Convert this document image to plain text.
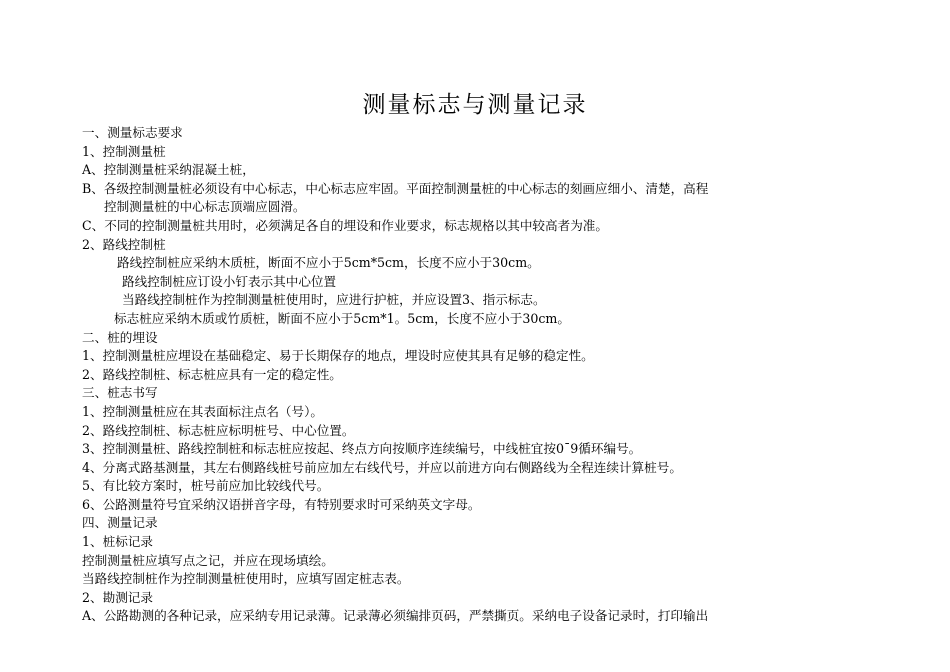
测量标志与测量记录
一、测量标志要求
1、控制测量桩
A、控制测量桩采纳混凝土桩，
B、各级控制测量桩必须设有中心标志，中心标志应牢固。平面控制测量桩的中心标志的刻画应细小、清楚，高程
控制测量桩的中心标志顶端应圆滑。
C、不同的控制测量桩共用时，必须满足各自的埋设和作业要求，标志规格以其中较高者为准。
2、路线控制桩
路线控制桩应采纳木质桩，断面不应小于5cm*5cm，长度不应小于30cm。
路线控制桩应订设小钉表示其中心位置
当路线控制桩作为控制测量桩使用时，应进行护桩，并应设置3、指示标志。
标志桩应采纳木质或竹质桩，断面不应小于5cm*1。5cm，长度不应小于30cm。
二、桩的埋设
1、控制测量桩应埋设在基础稳定、易于长期保存的地点，埋设时应使其具有足够的稳定性。
2、路线控制桩、标志桩应具有一定的稳定性。
三、桩志书写
1、控制测量桩应在其表面标注点名（号）。
2、路线控制桩、标志桩应标明桩号、中心位置。
3、控制测量桩、路线控制桩和标志桩应按起、终点方向按顺序连续编号，中线桩宜按0¯9循环编号。
4、分离式路基测量，其左右侧路线桩号前应加左右线代号，并应以前进方向右侧路线为全程连续计算桩号。
5、有比较方案时，桩号前应加比较线代号。
6、公路测量符号宜采纳汉语拼音字母，有特别要求时可采纳英文字母。
四、测量记录
1、桩标记录
控制测量桩应填写点之记，并应在现场填绘。
当路线控制桩作为控制测量桩使用时，应填写固定桩志表。
2、勘测记录
A、公路勘测的各种记录，应采纳专用记录薄。记录薄必须编排页码，严禁撕页。采纳电子设备记录时，打印输出
